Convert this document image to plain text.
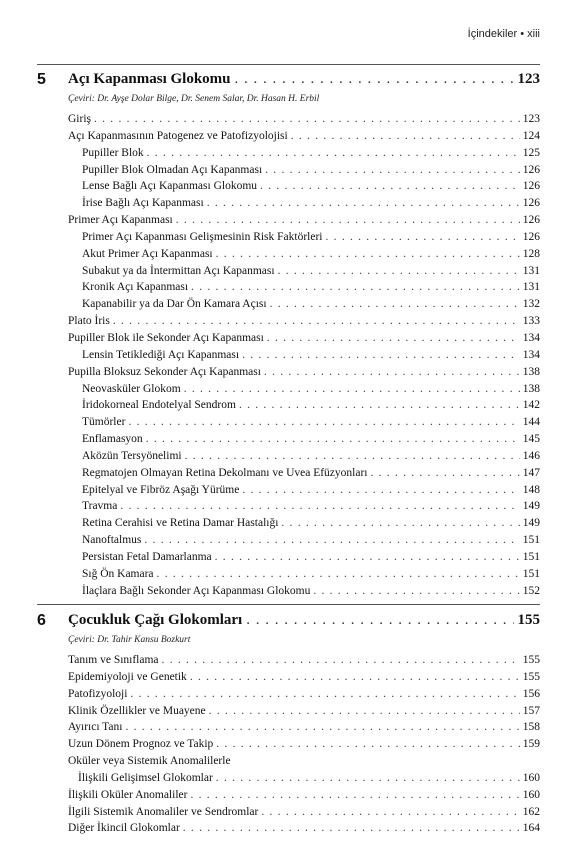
İçindekiler • xiii
5 Açı Kapanması Glokomu . . .	123
Çeviri: Dr. Ayşe Dolar Bilge, Dr. Senem Salar, Dr. Hasan H. Erbil
Giriş . . .	123
Açı Kapanmasının Patogenez ve Patofizyolojisi . . .	124
Pupiller Blok . . .	125
Pupiller Blok Olmadan Açı Kapanması . . .	126
Lense Bağlı Açı Kapanması Glokomu . . .	126
İrise Bağlı Açı Kapanması . . .	126
Primer Açı Kapanması . . .	126
Primer Açı Kapanması Gelişmesinin Risk Faktörleri . . .	126
Akut Primer Açı Kapanması . . .	128
Subakut ya da İntermittan Açı Kapanması . . .	131
Kronik Açı Kapanması . . .	131
Kapanabilir ya da Dar Ön Kamara Açısı . . .	132
Plato İris . . .	133
Pupiller Blok ile Sekonder Açı Kapanması . . .	134
Lensin Tetiklediği Açı Kapanması . . .	134
Pupilla Bloksuz Sekonder Açı Kapanması . . .	138
Neovasküler Glokom . . .	138
İridokorneal Endotelyal Sendrom . . .	142
Tümörler . . .	144
Enflamasyon . . .	145
Aközün Tersyönelimi . . .	146
Regmatojen Olmayan Retina Dekolmanı ve Uvea Efüzyonları . . .	147
Epitelyal ve Fibröz Aşağı Yürüme . . .	148
Travma . . .	149
Retina Cerahisi ve Retina Damar Hastalığı . . .	149
Nanoftalmus . . .	151
Persistan Fetal Damarlanma . . .	151
Sığ Ön Kamara . . .	151
İlaçlara Bağlı Sekonder Açı Kapanması Glokomu . . .	152
6 Çocukluk Çağı Glokomları . . .	155
Çeviri: Dr. Tahir Kansu Bozkurt
Tanım ve Sınıflama . . .	155
Epidemiyoloji ve Genetik . . .	155
Patofizyoloji . . .	156
Klinik Özellikler ve Muayene . . .	157
Ayırıcı Tanı . . .	158
Uzun Dönem Prognoz ve Takip . . .	159
Oküler veya Sistemik Anomalilerle
İlişkili Gelişimsel Glokomlar . . .	160
İlişkili Oküler Anomaliler . . .	160
İlgili Sistemik Anomaliler ve Sendromlar . . .	162
Diğer İkincil Glokomlar . . .	164
